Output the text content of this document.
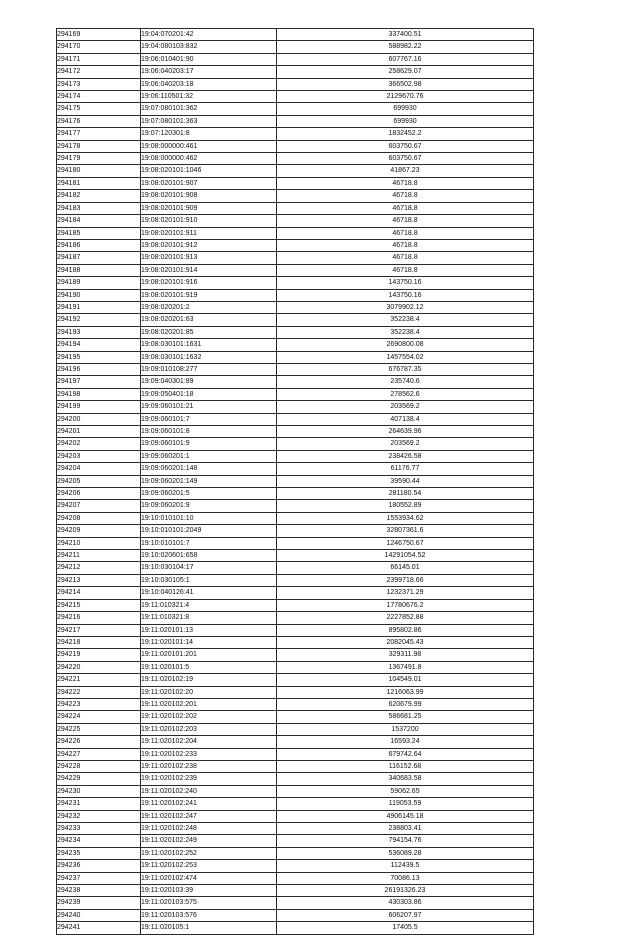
294169	19:04:070201:42	337400.51
294170	19:04:080103:832	588982.22
294171	19:06:010401:90	607767.16
294172	19:06:040203:17	258629.07
294173	19:06:040203:18	366502.98
294174	19:06:110501:32	2129670.76
294175	19:07:080101:362	699930
294176	19:07:080101:363	699930
294177	19:07:120301:8	1832452.2
294178	19:08:000000:461	603750.67
294179	19:08:000000:462	603750.67
294180	19:08:020101:1046	41867.23
294181	19:08:020101:907	46718.8
294182	19:08:020101:908	46718.8
294183	19:08:020101:909	46718.8
294184	19:08:020101:910	46718.8
294185	19:08:020101:911	46718.8
294186	19:08:020101:912	46718.8
294187	19:08:020101:913	46718.8
294188	19:08:020101:914	46718.8
294189	19:08:020101:916	143750.16
294190	19:08:020101:919	143750.16
294191	19:08:020201:2	3079902.12
294192	19:08:020201:63	352238.4
294193	19:08:020201:85	352238.4
294194	19:08:030101:1631	2690800.08
294195	19:08:030101:1632	1457554.02
294196	19:09:010108:277	676787.35
294197	19:09:040301:89	235740.6
294198	19:09:050401:18	278562.6
294199	19:09:060101:21	203569.2
294200	19:09:060101:7	407138.4
294201	19:09:060101:8	264639.96
294202	19:09:060101:9	203569.2
294203	19:09:060201:1	238426.58
294204	19:09:060201:148	61176.77
294205	19:09:060201:149	39590.44
294206	19:09:060201:5	281180.54
294207	19:09:060201:9	180552.89
294208	19:10:010101:10	1553934.62
294209	19:10:010101:2049	32807361.6
294210	19:10:010101:7	1246750.67
294211	19:10:020601:658	14291054.52
294212	19:10:030104:17	66145.01
294213	19:10:030105:1	2399718.66
294214	19:10:040126:41	1232371.29
294215	19:11:010321:4	17780676.2
294216	19:11:010321:8	2227852.88
294217	19:11:020101:13	895802.86
294218	19:11:020101:14	2082045.43
294219	19:11:020101:201	329311.98
294220	19:11:020101:5	1367491.8
294221	19:11:020102:19	104549.01
294222	19:11:020102:20	1216063.99
294223	19:11:020102:201	620679.99
294224	19:11:020102:202	586681.25
294225	19:11:020102:203	1537200
294226	19:11:020102:204	16593.24
294227	19:11:020102:233	679742.64
294228	19:11:020102:238	116152.68
294229	19:11:020102:239	340683.58
294230	19:11:020102:240	59062.65
294231	19:11:020102:241	119053.59
294232	19:11:020102:247	4906145.18
294233	19:11:020102:248	238803.41
294234	19:11:020102:249	794154.76
294235	19:11:020102:252	536089.28
294236	19:11:020102:253	112439.5
294237	19:11:020102:474	70086.13
294238	19:11:020103:39	26191326.23
294239	19:11:020103:575	430303.86
294240	19:11:020103:576	606207.97
294241	19:11:020105:1	17405.5
